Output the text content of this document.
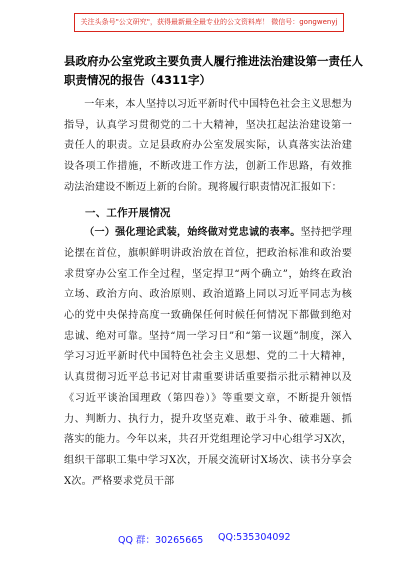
关注头条号"公文研究"，获得最新最全最专业的公文资料库！ 微信号：gongwenyj
县政府办公室党政主要负责人履行推进法治建设第一责任人职责情况的报告（4311字）

一年来，本人坚持以习近平新时代中国特色社会主义思想为指导，认真学习贯彻党的二十大精神，坚决扛起法治建设第一责任人的职责。立足县政府办公室发展实际，认真落实法治建设各项工作措施，不断改进工作方法，创新工作思路，有效推动法治建设不断迈上新的台阶。现将履行职责情况汇报如下：

一、工作开展情况

（一）强化理论武装，始终做对党忠诚的表率。坚持把学理论摆在首位，旗帜鲜明讲政治放在首位，把政治标准和政治要求贯穿办公室工作全过程，坚定捍卫“两个确立”，始终在政治立场、政治方向、政治原则、政治道路上同以习近平同志为核心的党中央保持高度一致确保任何时候任何情况下都做到绝对忠诚、绝对可靠。坚持“周一学习日”和“第一议题”制度，深入学习习近平新时代中国特色社会主义思想、党的二十大精神，认真贯彻习近平总书记对甘肃重要讲话重要指示批示精神以及《习近平谈治国理政（第四卷）》等重要文章，不断提升领悟力、判断力、执行力，提升攻坚克难、敢于斗争、破难题、抓落实的能力。今年以来，共召开党组理论学习中心组学习X次，组织干部职工集中学习X次，开展交流研讨X场次、读书分享会X次。严格要求党员干部

QQ 群：30265665 QQ:535304092
